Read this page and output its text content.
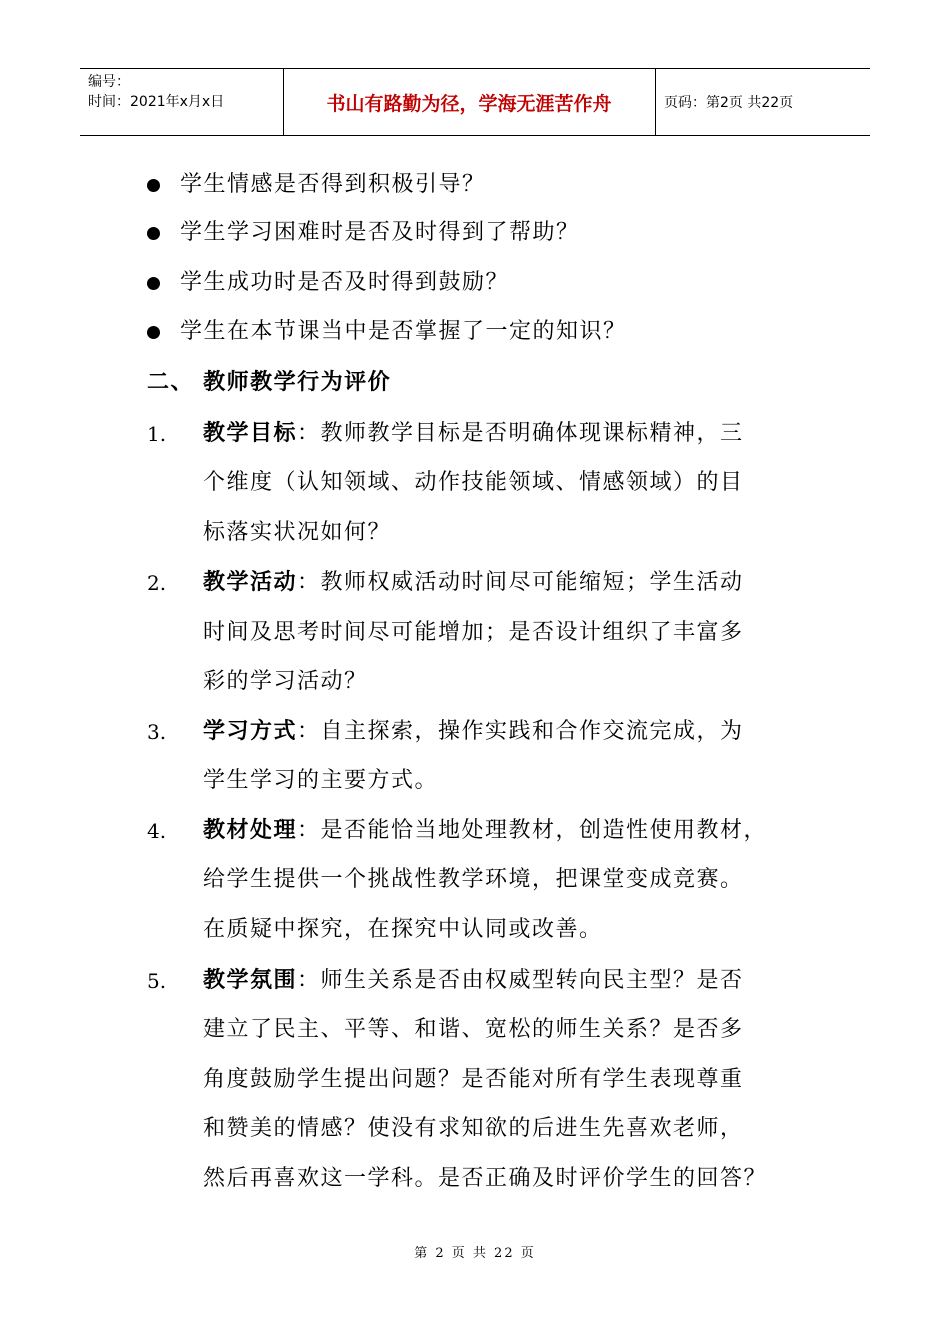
编号：
时间：2021年x月x日	书山有路勤为径，学海无涯苦作舟	页码：第2页 共22页
学生情感是否得到积极引导？
学生学习困难时是否及时得到了帮助？
学生成功时是否及时得到鼓励？
学生在本节课当中是否掌握了一定的知识？
二、 教师教学行为评价
1. 教学目标：教师教学目标是否明确体现课标精神，三
个维度（认知领域、动作技能领域、情感领域）的目
标落实状况如何？
2. 教学活动：教师权威活动时间尽可能缩短；学生活动
时间及思考时间尽可能增加；是否设计组织了丰富多
彩的学习活动？
3. 学习方式：自主探索，操作实践和合作交流完成，为
学生学习的主要方式。
4. 教材处理：是否能恰当地处理教材，创造性使用教材，
给学生提供一个挑战性教学环境，把课堂变成竞赛。
在质疑中探究，在探究中认同或改善。
5. 教学氛围：师生关系是否由权威型转向民主型？是否
建立了民主、平等、和谐、宽松的师生关系？是否多
角度鼓励学生提出问题？是否能对所有学生表现尊重
和赞美的情感？使没有求知欲的后进生先喜欢老师，
然后再喜欢这一学科。是否正确及时评价学生的回答？
第 2 页 共 22 页
